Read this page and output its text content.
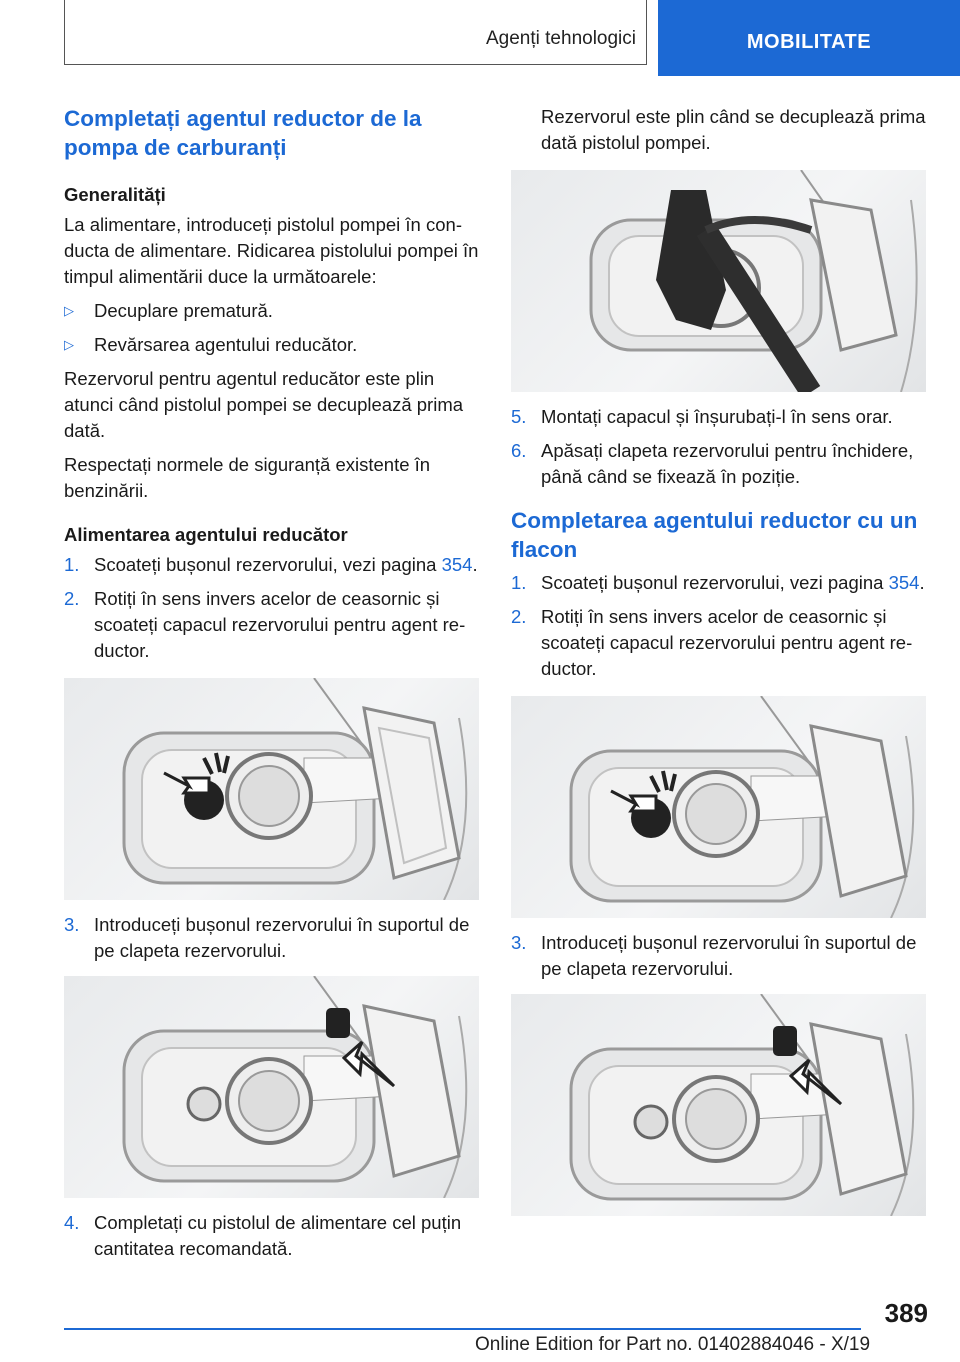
Agenți tehnologici	MOBILITATE
Completați agentul reductor de la pompa de carburanți
Generalități

La alimentare, introduceți pistolul pompei în conducta de alimentare. Ridicarea pistolului pompei în timpul alimentării duce la următoarele:

▷ Decuplare prematură.
▷ Revărsarea agentului reducător.

Rezervorul pentru agentul reducător este plin atunci când pistolul pompei se decuplează prima dată.

Respectați normele de siguranță existente în benzinării.

Alimentarea agentului reducător
1. Scoateți bușonul rezervorului, vezi pagina 354.
2. Rotiți în sens invers acelor de ceasornic și scoateți capacul rezervorului pentru agent reductor.
3. Introduceți bușonul rezervorului în suportul de pe clapeta rezervorului.
4. Completați cu pistolul de alimentare cel puțin cantitatea recomandată.
Rezervorul este plin când se decuplează prima dată pistolul pompei.
5. Montați capacul și înșurubați-l în sens orar.
6. Apăsați clapeta rezervorului pentru închidere, până când se fixează în poziție.
Completarea agentului reductor cu un flacon
1. Scoateți bușonul rezervorului, vezi pagina 354.
2. Rotiți în sens invers acelor de ceasornic și scoateți capacul rezervorului pentru agent reductor.
3. Introduceți bușonul rezervorului în suportul de pe clapeta rezervorului.
389
Online Edition for Part no. 01402884046 - X/19
